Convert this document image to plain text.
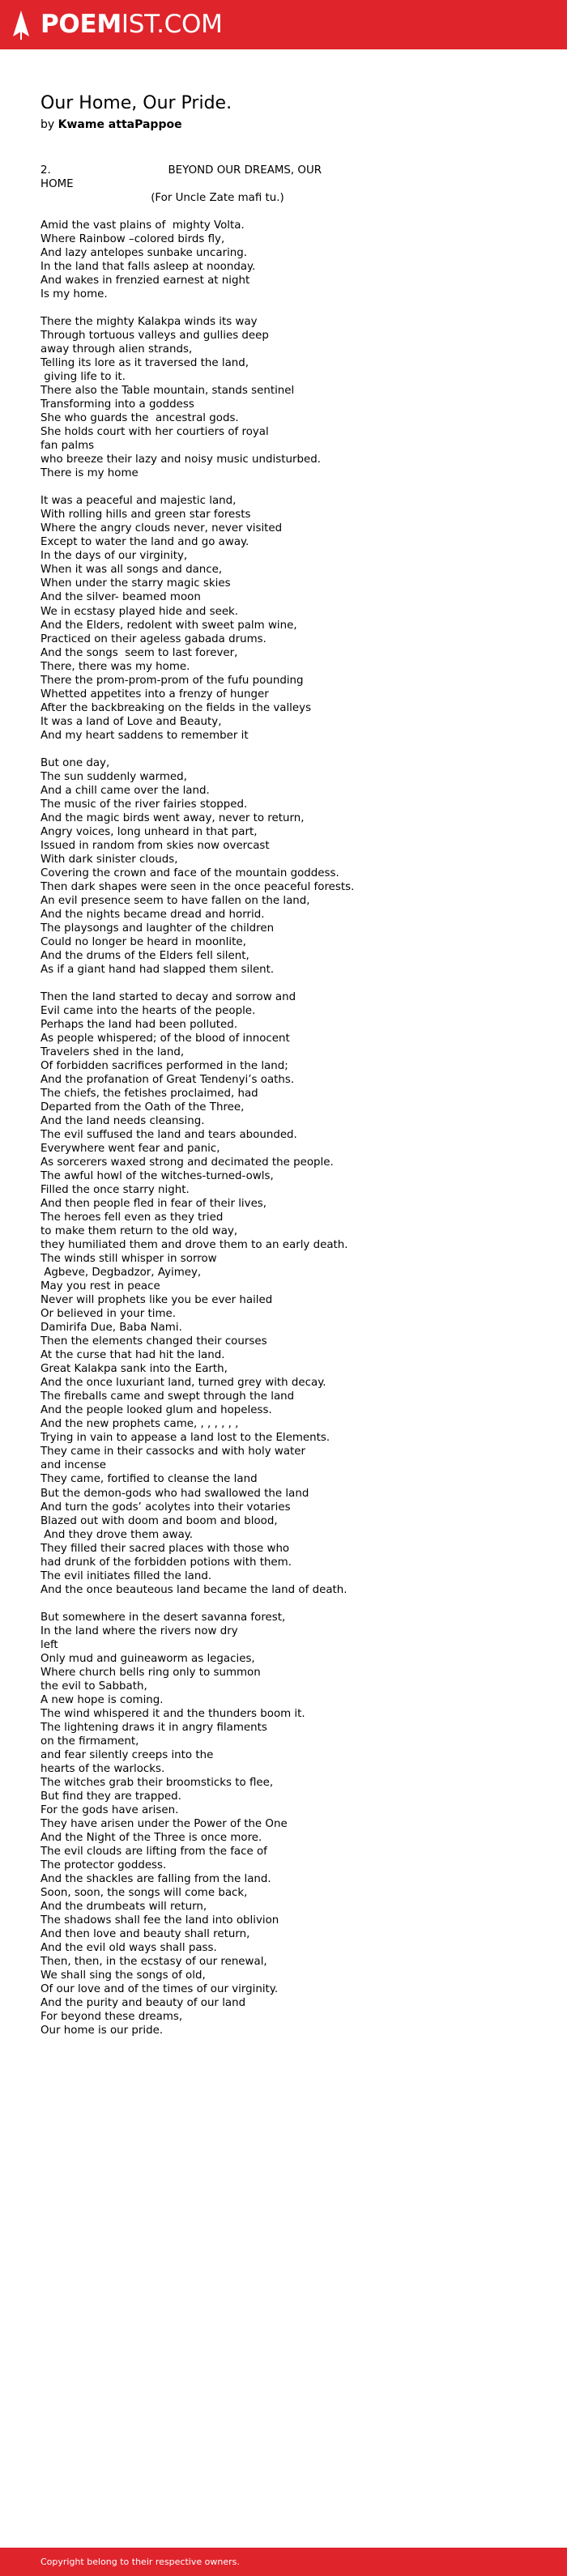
POEMIST.COM
Our Home, Our Pride.
by Kwame attaPappoe
2.                                  BEYOND OUR DREAMS, OUR
HOME
(For Uncle Zate mafi tu.)
Amid the vast plains of  mighty Volta.
Where Rainbow –colored birds fly,
And lazy antelopes sunbake uncaring.
In the land that falls asleep at noonday.
And wakes in frenzied earnest at night
Is my home.
There the mighty Kalakpa winds its way
Through tortuous valleys and gullies deep
away through alien strands,
Telling its lore as it traversed the land,
giving life to it.
There also the Table mountain, stands sentinel
Transforming into a goddess
She who guards the  ancestral gods.
She holds court with her courtiers of royal
fan palms
who breeze their lazy and noisy music undisturbed.
There is my home
It was a peaceful and majestic land,
With rolling hills and green star forests
Where the angry clouds never, never visited
Except to water the land and go away.
In the days of our virginity,
When it was all songs and dance,
When under the starry magic skies
And the silver- beamed moon
We in ecstasy played hide and seek.
And the Elders, redolent with sweet palm wine,
Practiced on their ageless gabada drums.
And the songs  seem to last forever,
There, there was my home.
There the prom-prom-prom of the fufu pounding
Whetted appetites into a frenzy of hunger
After the backbreaking on the fields in the valleys
It was a land of Love and Beauty,
And my heart saddens to remember it
But one day,
The sun suddenly warmed,
And a chill came over the land.
The music of the river fairies stopped.
And the magic birds went away, never to return,
Angry voices, long unheard in that part,
Issued in random from skies now overcast
With dark sinister clouds,
Covering the crown and face of the mountain goddess.
Then dark shapes were seen in the once peaceful forests.
An evil presence seem to have fallen on the land,
And the nights became dread and horrid.
The playsongs and laughter of the children
Could no longer be heard in moonlite,
And the drums of the Elders fell silent,
As if a giant hand had slapped them silent.
Then the land started to decay and sorrow and
Evil came into the hearts of the people.
Perhaps the land had been polluted.
As people whispered; of the blood of innocent
Travelers shed in the land,
Of forbidden sacrifices performed in the land;
And the profanation of Great Tendenyi’s oaths.
The chiefs, the fetishes proclaimed, had
Departed from the Oath of the Three,
And the land needs cleansing.
The evil suffused the land and tears abounded.
Everywhere went fear and panic,
As sorcerers waxed strong and decimated the people.
The awful howl of the witches-turned-owls,
Filled the once starry night.
And then people fled in fear of their lives,
The heroes fell even as they tried
to make them return to the old way,
they humiliated them and drove them to an early death.
The winds still whisper in sorrow
Agbeve, Degbadzor, Ayimey,
May you rest in peace
Never will prophets like you be ever hailed
Or believed in your time.
Damirifa Due, Baba Nami.
Then the elements changed their courses
At the curse that had hit the land.
Great Kalakpa sank into the Earth,
And the once luxuriant land, turned grey with decay.
The fireballs came and swept through the land
And the people looked glum and hopeless.
And the new prophets came, , , , , , ,
Trying in vain to appease a land lost to the Elements.
They came in their cassocks and with holy water
and incense
They came, fortified to cleanse the land
But the demon-gods who had swallowed the land
And turn the gods’ acolytes into their votaries
Blazed out with doom and boom and blood,
And they drove them away.
They filled their sacred places with those who
had drunk of the forbidden potions with them.
The evil initiates filled the land.
And the once beauteous land became the land of death.
But somewhere in the desert savanna forest,
In the land where the rivers now dry
left
Only mud and guineaworm as legacies,
Where church bells ring only to summon
the evil to Sabbath,
A new hope is coming.
The wind whispered it and the thunders boom it.
The lightening draws it in angry filaments
on the firmament,
and fear silently creeps into the
hearts of the warlocks.
The witches grab their broomsticks to flee,
But find they are trapped.
For the gods have arisen.
They have arisen under the Power of the One
And the Night of the Three is once more.
The evil clouds are lifting from the face of
The protector goddess.
And the shackles are falling from the land.
Soon, soon, the songs will come back,
And the drumbeats will return,
The shadows shall fee the land into oblivion
And then love and beauty shall return,
And the evil old ways shall pass.
Then, then, in the ecstasy of our renewal,
We shall sing the songs of old,
Of our love and of the times of our virginity.
And the purity and beauty of our land
For beyond these dreams,
Our home is our pride.
Copyright belong to their respective owners.
